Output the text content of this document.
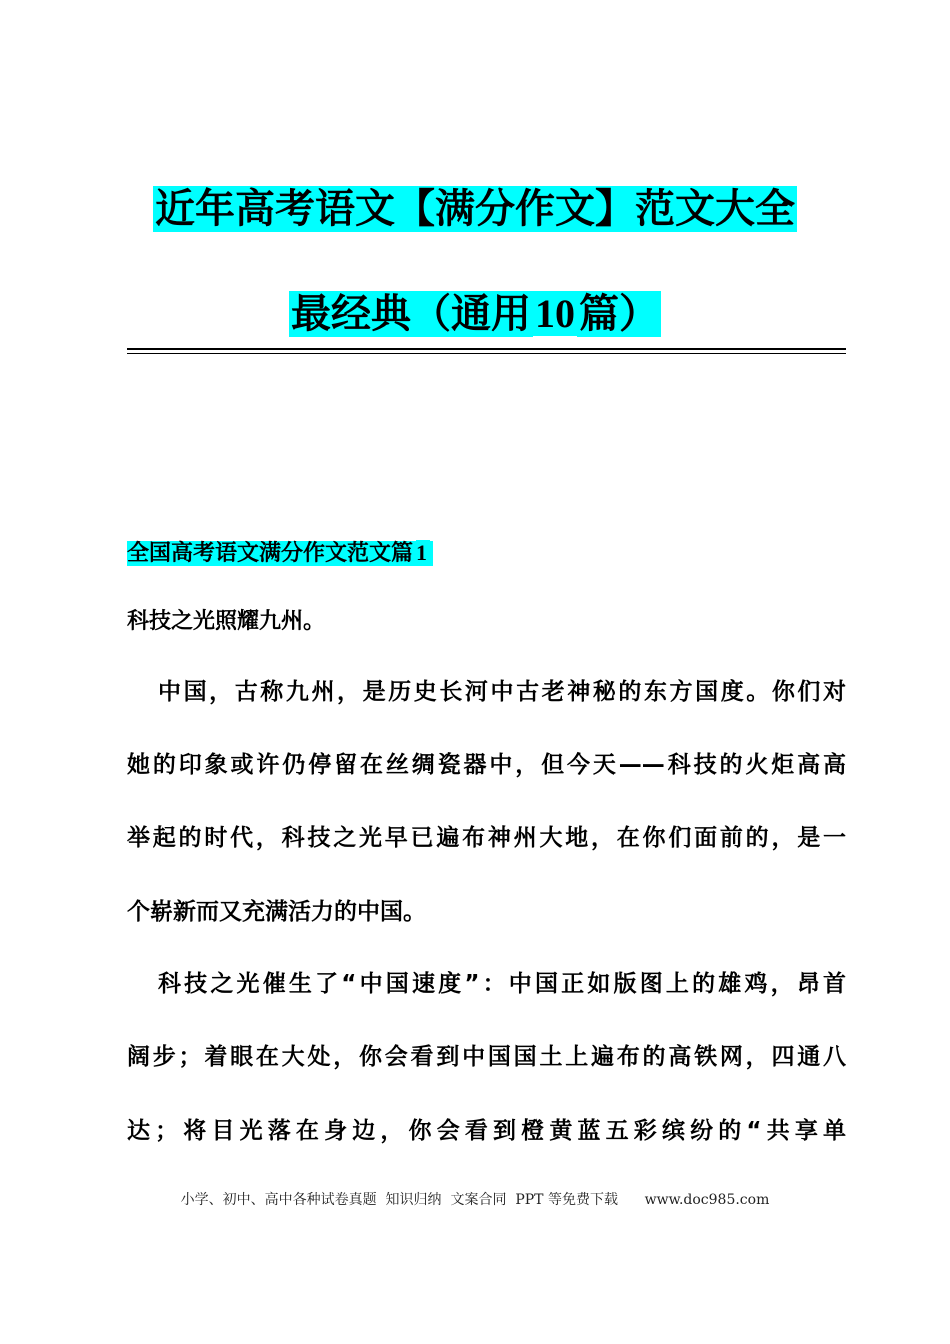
近年高考语文【满分作文】范文大全
最经典（通用 10 篇）
全国高考语文满分作文范文篇 1
科技之光照耀九州。
中国，古称九州，是历史长河中古老神秘的东方国度。你们对
她的印象或许仍停留在丝绸瓷器中，但今天——科技的火炬高高
举起的时代，科技之光早已遍布神州大地，在你们面前的，是一
个崭新而又充满活力的中国。
科技之光催生了“中国速度”：中国正如版图上的雄鸡，昂首
阔步；着眼在大处，你会看到中国国土上遍布的高铁网，四通八
达；将目光落在身边，你会看到橙黄蓝五彩缤纷的“共享单
小学、初中、高中各种试卷真题  知识归纳  文案合同  PPT 等免费下载      www.doc985.com
